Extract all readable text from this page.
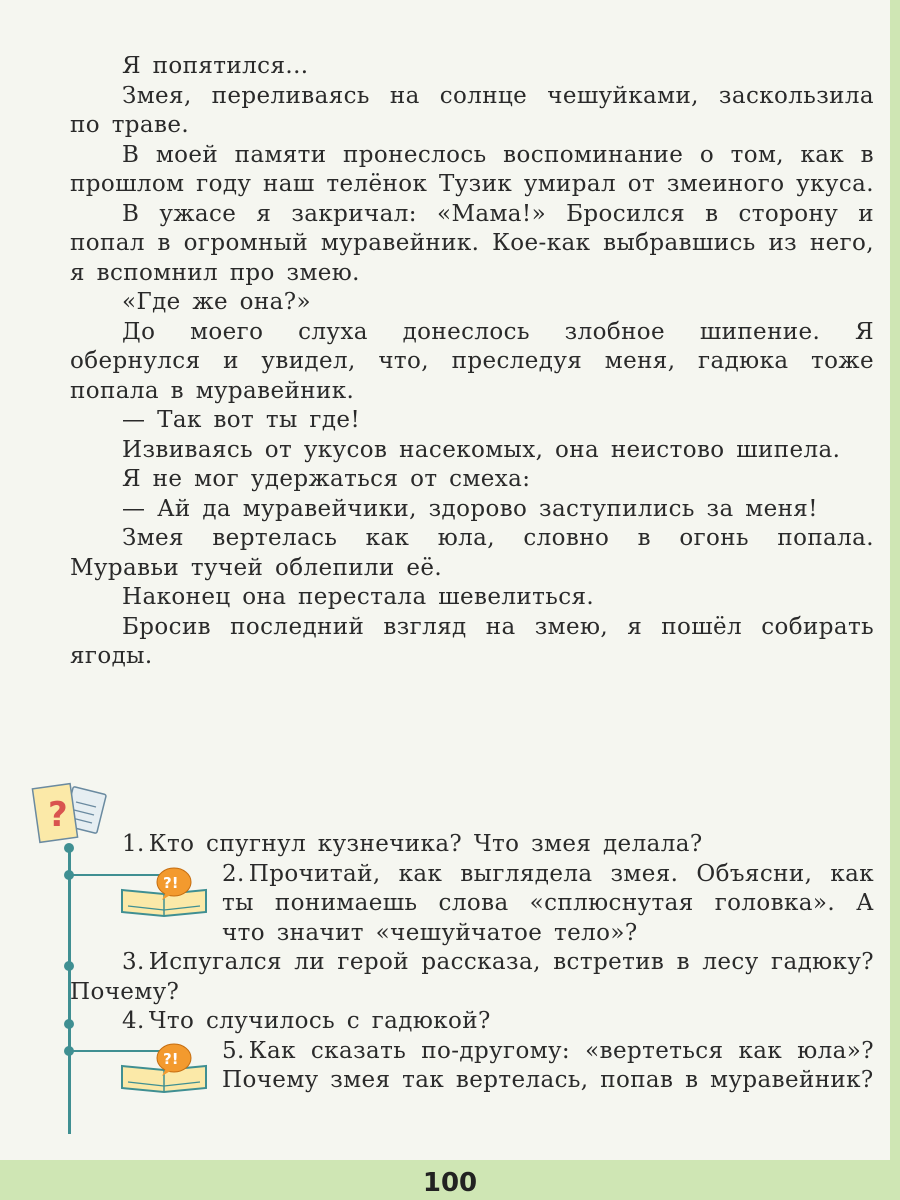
Я попятился...

Змея, переливаясь на солнце чешуйками, заскользила по траве.

В моей памяти пронеслось воспоминание о том, как в прошлом году наш телёнок Тузик умирал от змеиного укуса.

В ужасе я закричал: «Мама!» Бросился в сторону и попал в огромный муравейник. Кое-как выбравшись из него, я вспомнил про змею.

«Где же она?»

До моего слуха донеслось злобное шипение. Я обернулся и увидел, что, преследуя меня, гадюка тоже попала в муравейник.

— Так вот ты где!

Извиваясь от укусов насекомых, она неистово шипела.

Я не мог удержаться от смеха:

— Ай да муравейчики, здорово заступились за меня!

Змея вертелась как юла, словно в огонь попала. Муравьи тучей облепили её.

Наконец она перестала шевелиться.

Бросив последний взгляд на змею, я пошёл собирать ягоды.

?
?!
?!

1. Кто спугнул кузнечика? Что змея делала?

2. Прочитай, как выглядела змея. Объясни, как ты понимаешь слова «сплюснутая головка». А что значит «чешуйчатое тело»?

3. Испугался ли герой рассказа, встретив в лесу гадюку? Почему?

4. Что случилось с гадюкой?

5. Как сказать по-другому: «вертеться как юла»? Почему змея так вертелась, попав в муравейник?

100
